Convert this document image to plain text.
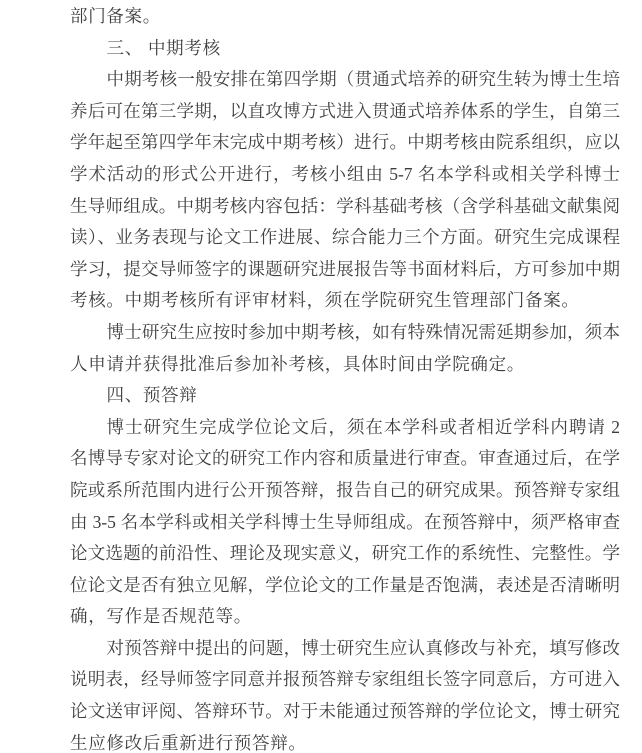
部门备案。
三、 中期考核
中期考核一般安排在第四学期（贯通式培养的研究生转为博士生培
养后可在第三学期，以直攻博方式进入贯通式培养体系的学生，自第三
学年起至第四学年末完成中期考核）进行。中期考核由院系组织，应以
学术活动的形式公开进行，考核小组由 5-7 名本学科或相关学科博士
生导师组成。中期考核内容包括：学科基础考核（含学科基础文献集阅
读）、业务表现与论文工作进展、综合能力三个方面。研究生完成课程
学习，提交导师签字的课题研究进展报告等书面材料后，方可参加中期
考核。中期考核所有评审材料，须在学院研究生管理部门备案。
博士研究生应按时参加中期考核，如有特殊情况需延期参加，须本
人申请并获得批准后参加补考核，具体时间由学院确定。
四、预答辩
博士研究生完成学位论文后，须在本学科或者相近学科内聘请 2
名博导专家对论文的研究工作内容和质量进行审查。审查通过后，在学
院或系所范围内进行公开预答辩，报告自己的研究成果。预答辩专家组
由 3-5 名本学科或相关学科博士生导师组成。在预答辩中，须严格审查
论文选题的前沿性、理论及现实意义，研究工作的系统性、完整性。学
位论文是否有独立见解，学位论文的工作量是否饱满，表述是否清晰明
确，写作是否规范等。
对预答辩中提出的问题，博士研究生应认真修改与补充，填写修改
说明表，经导师签字同意并报预答辩专家组组长签字同意后，方可进入
论文送审评阅、答辩环节。对于未能通过预答辩的学位论文，博士研究
生应修改后重新进行预答辩。
